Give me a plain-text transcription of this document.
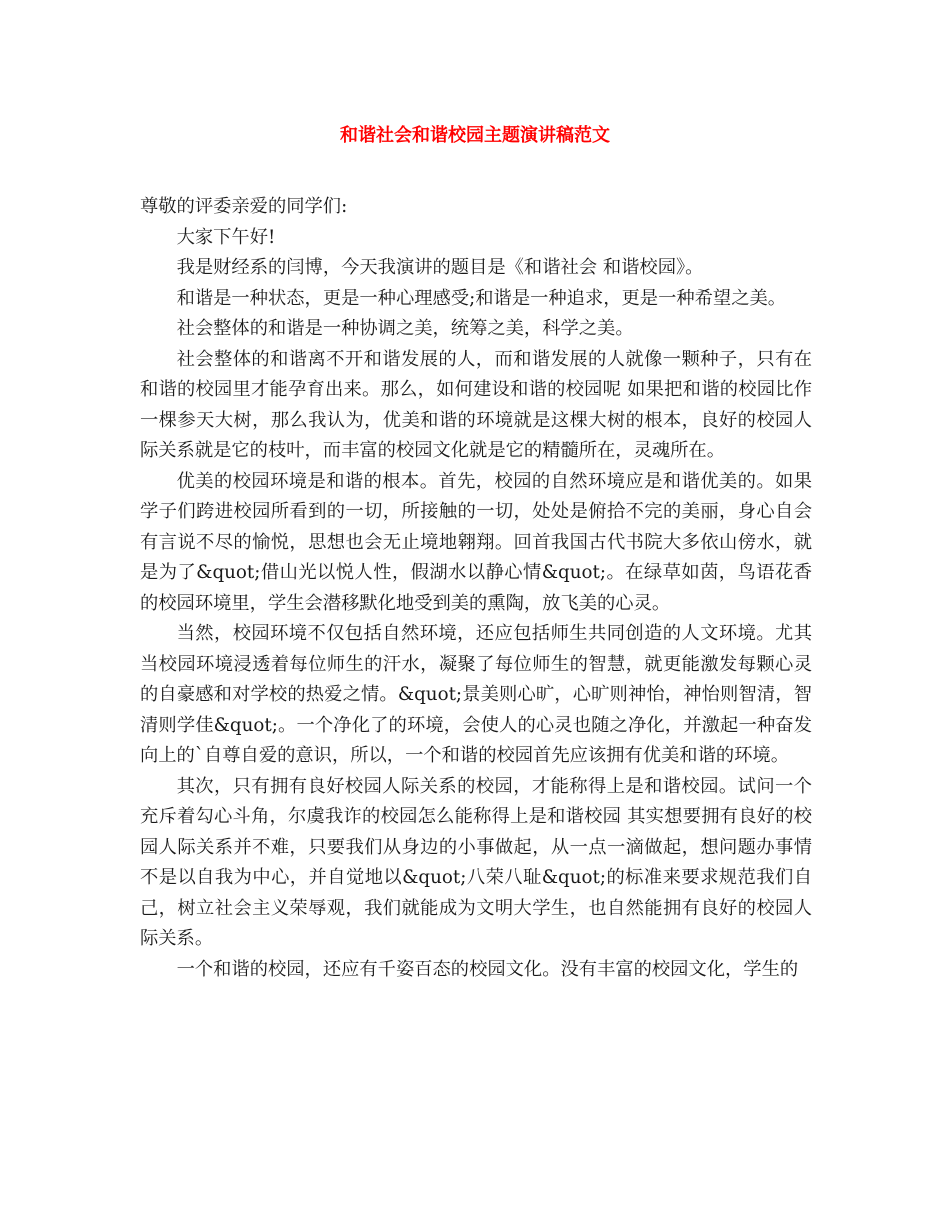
和谐社会和谐校园主题演讲稿范文

尊敬的评委亲爱的同学们:

大家下午好!

我是财经系的闫博，今天我演讲的题目是《和谐社会 和谐校园》。

和谐是一种状态，更是一种心理感受;和谐是一种追求，更是一种希望之美。

社会整体的和谐是一种协调之美，统筹之美，科学之美。

社会整体的和谐离不开和谐发展的人，而和谐发展的人就像一颗种子，只有在和谐的校园里才能孕育出来。那么，如何建设和谐的校园呢 如果把和谐的校园比作一棵参天大树，那么我认为，优美和谐的环境就是这棵大树的根本，良好的校园人际关系就是它的枝叶，而丰富的校园文化就是它的精髓所在，灵魂所在。

优美的校园环境是和谐的根本。首先，校园的自然环境应是和谐优美的。如果学子们跨进校园所看到的一切，所接触的一切，处处是俯拾不完的美丽，身心自会有言说不尽的愉悦，思想也会无止境地翱翔。回首我国古代书院大多依山傍水，就是为了&quot;借山光以悦人性，假湖水以静心情&quot;。在绿草如茵，鸟语花香的校园环境里，学生会潜移默化地受到美的熏陶，放飞美的心灵。

当然，校园环境不仅包括自然环境，还应包括师生共同创造的人文环境。尤其当校园环境浸透着每位师生的汗水，凝聚了每位师生的智慧，就更能激发每颗心灵的自豪感和对学校的热爱之情。&quot;景美则心旷，心旷则神怡，神怡则智清，智清则学佳&quot;。一个净化了的环境，会使人的心灵也随之净化，并激起一种奋发向上的`自尊自爱的意识，所以，一个和谐的校园首先应该拥有优美和谐的环境。

其次，只有拥有良好校园人际关系的校园，才能称得上是和谐校园。试问一个充斥着勾心斗角，尔虞我诈的校园怎么能称得上是和谐校园 其实想要拥有良好的校园人际关系并不难，只要我们从身边的小事做起，从一点一滴做起，想问题办事情不是以自我为中心，并自觉地以&quot;八荣八耻&quot;的标准来要求规范我们自己，树立社会主义荣辱观，我们就能成为文明大学生，也自然能拥有良好的校园人际关系。

一个和谐的校园，还应有千姿百态的校园文化。没有丰富的校园文化，学生的
